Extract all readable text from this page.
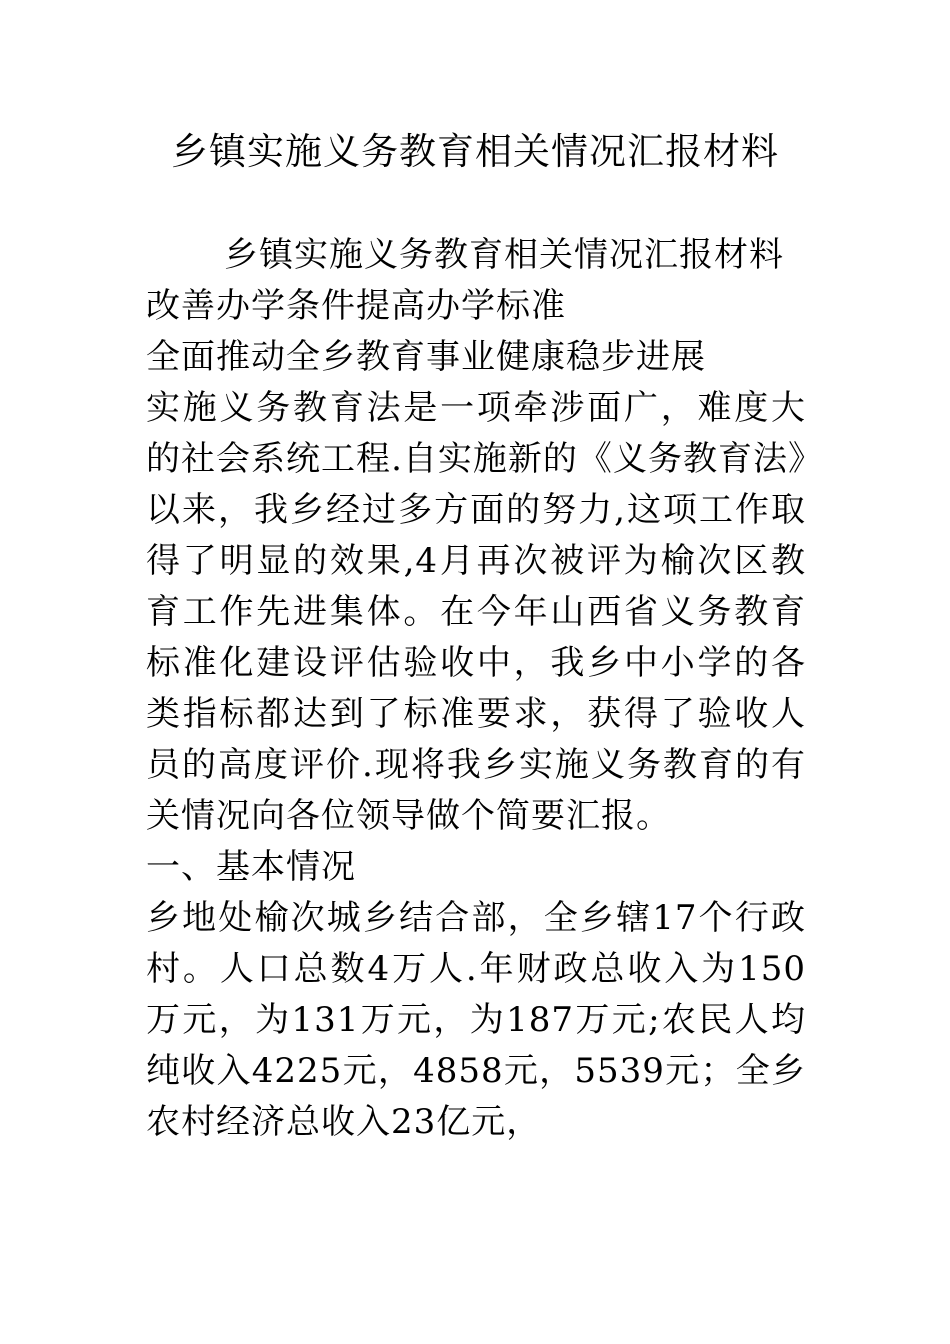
乡镇实施义务教育相关情况汇报材料

乡镇实施义务教育相关情况汇报材料

改善办学条件提高办学标准

全面推动全乡教育事业健康稳步进展

实施义务教育法是一项牵涉面广，难度大的社会系统工程.自实施新的《义务教育法》以来，我乡经过多方面的努力,这项工作取得了明显的效果,4月再次被评为榆次区教育工作先进集体。在今年山西省义务教育标准化建设评估验收中，我乡中小学的各类指标都达到了标准要求，获得了验收人员的高度评价.现将我乡实施义务教育的有关情况向各位领导做个简要汇报。

一、基本情况

乡地处榆次城乡结合部，全乡辖17个行政村。人口总数4万人.年财政总收入为150万元，为131万元，为187万元;农民人均纯收入4225元，4858元，5539元；全乡农村经济总收入23亿元，
